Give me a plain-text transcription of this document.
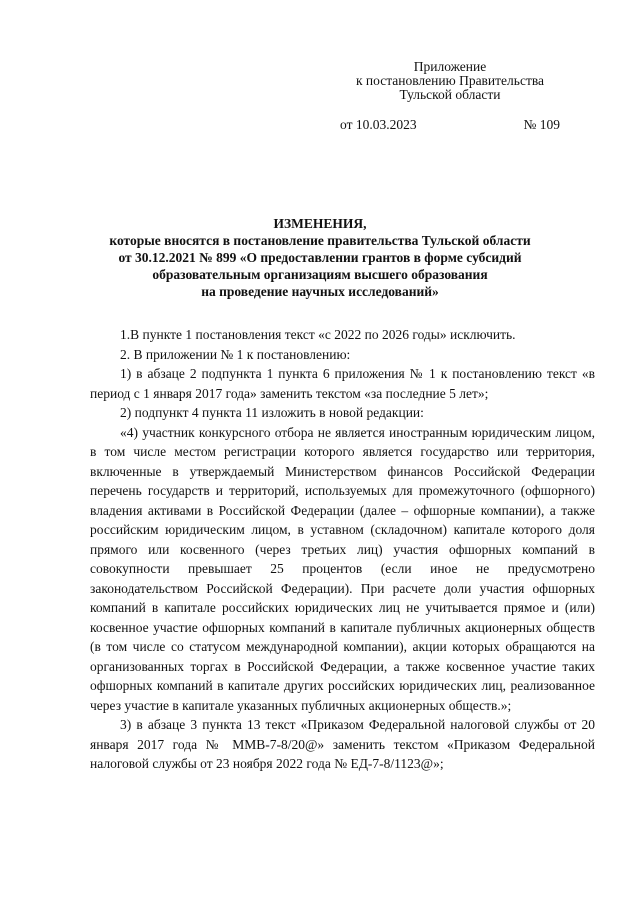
Приложение
к постановлению Правительства
Тульской области
от 10.03.2023	№ 109
ИЗМЕНЕНИЯ,
которые вносятся в постановление правительства Тульской области
от 30.12.2021 № 899 «О предоставлении грантов в форме субсидий
образовательным организациям высшего образования
на проведение научных исследований»

1.В пункте 1 постановления текст «с 2022 по 2026 годы» исключить.

2. В приложении № 1 к постановлению:

1) в абзаце 2 подпункта 1 пункта 6 приложения № 1 к постановлению текст «в период с 1 января 2017 года» заменить текстом «за последние 5 лет»;

2) подпункт 4 пункта 11 изложить в новой редакции:

«4) участник конкурсного отбора не является иностранным юридическим лицом, в том числе местом регистрации которого является государство или территория, включенные в утверждаемый Министерством финансов Российской Федерации перечень государств и территорий, используемых для промежуточного (офшорного) владения активами в Российской Федерации (далее – офшорные компании), а также российским юридическим лицом, в уставном (складочном) капитале которого доля прямого или косвенного (через третьих лиц) участия офшорных компаний в совокупности превышает 25 процентов (если иное не предусмотрено законодательством Российской Федерации). При расчете доли участия офшорных компаний в капитале российских юридических лиц не учитывается прямое и (или) косвенное участие офшорных компаний в капитале публичных акционерных обществ (в том числе со статусом международной компании), акции которых обращаются на организованных торгах в Российской Федерации, а также косвенное участие таких офшорных компаний в капитале других российских юридических лиц, реализованное через участие в капитале указанных публичных акционерных обществ.»;

3) в абзаце 3 пункта 13 текст «Приказом Федеральной налоговой службы от 20 января 2017 года № ММВ-7-8/20@» заменить текстом «Приказом Федеральной налоговой службы от 23 ноября 2022 года № ЕД-7-8/1123@»;
